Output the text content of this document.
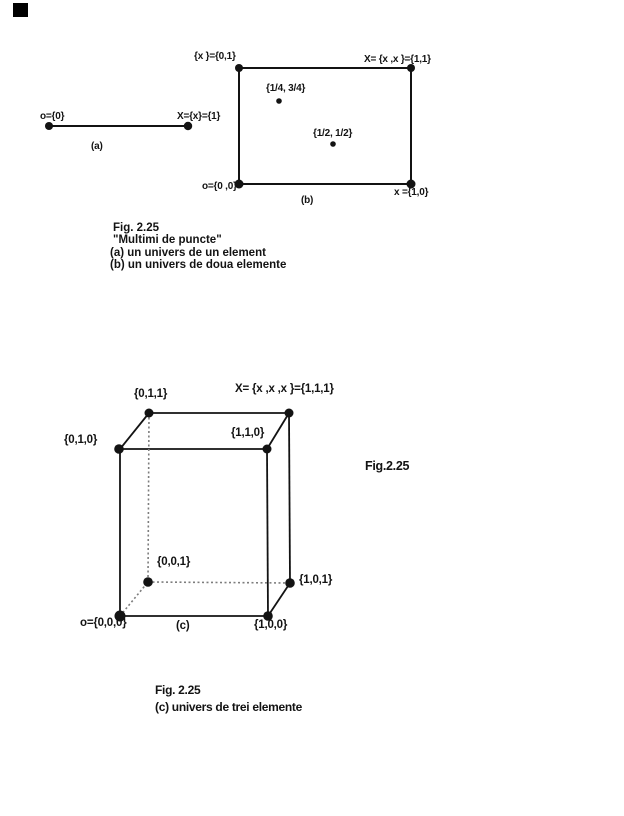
o={0}	X={x}={1}
(a)
{x }={0,1}	X= {x ,x }={1,1}
{1/4, 3/4}
{1/2, 1/2}
o={0 ,0}
x ={1,0}
(b)
Fig. 2.25
"Multimi de puncte"
(a) un univers de un element
(b) un univers de doua elemente
{0,1,1}	X= {x ,x ,x }={1,1,1}
{0,1,0}
{1,1,0}
{0,0,1}
{1,0,1}
o={0,0,0}	{1,0,0}
(c)
Fig.2.25
Fig. 2.25
(c) univers de trei elemente
